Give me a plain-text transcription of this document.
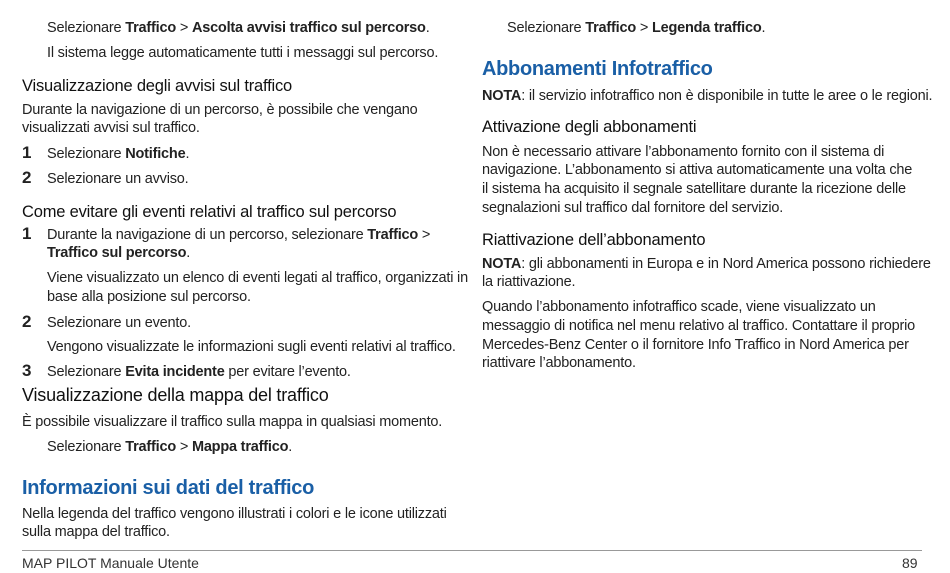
Selezionare Traffico > Ascolta avvisi traffico sul percorso.
Il sistema legge automaticamente tutti i messaggi sul percorso.
Visualizzazione degli avvisi sul traffico
Durante la navigazione di un percorso, è possibile che vengano
visualizzati avvisi sul traffico.
1 Selezionare Notifiche.
2 Selezionare un avviso.
Come evitare gli eventi relativi al traffico sul percorso
1 Durante la navigazione di un percorso, selezionare Traffico >
Traffico sul percorso.
Viene visualizzato un elenco di eventi legati al traffico, organizzati in
base alla posizione sul percorso.
2 Selezionare un evento.
Vengono visualizzate le informazioni sugli eventi relativi al traffico.
3 Selezionare Evita incidente per evitare l’evento.
Visualizzazione della mappa del traffico
È possibile visualizzare il traffico sulla mappa in qualsiasi momento.
Selezionare Traffico > Mappa traffico.
Informazioni sui dati del traffico
Nella legenda del traffico vengono illustrati i colori e le icone utilizzati
sulla mappa del traffico.
Selezionare Traffico > Legenda traffico.
Abbonamenti Infotraffico
NOTA: il servizio infotraffico non è disponibile in tutte le aree o le regioni.
Attivazione degli abbonamenti
Non è necessario attivare l’abbonamento fornito con il sistema di
navigazione. L’abbonamento si attiva automaticamente una volta che
il sistema ha acquisito il segnale satellitare durante la ricezione delle
segnalazioni sul traffico dal fornitore del servizio.
Riattivazione dell’abbonamento
NOTA: gli abbonamenti in Europa e in Nord America possono richiedere
la riattivazione.
Quando l’abbonamento infotraffico scade, viene visualizzato un
messaggio di notifica nel menu relativo al traffico. Contattare il proprio
Mercedes-Benz Center o il fornitore Info Traffico in Nord America per
riattivare l’abbonamento.
MAP PILOT Manuale Utente	89
